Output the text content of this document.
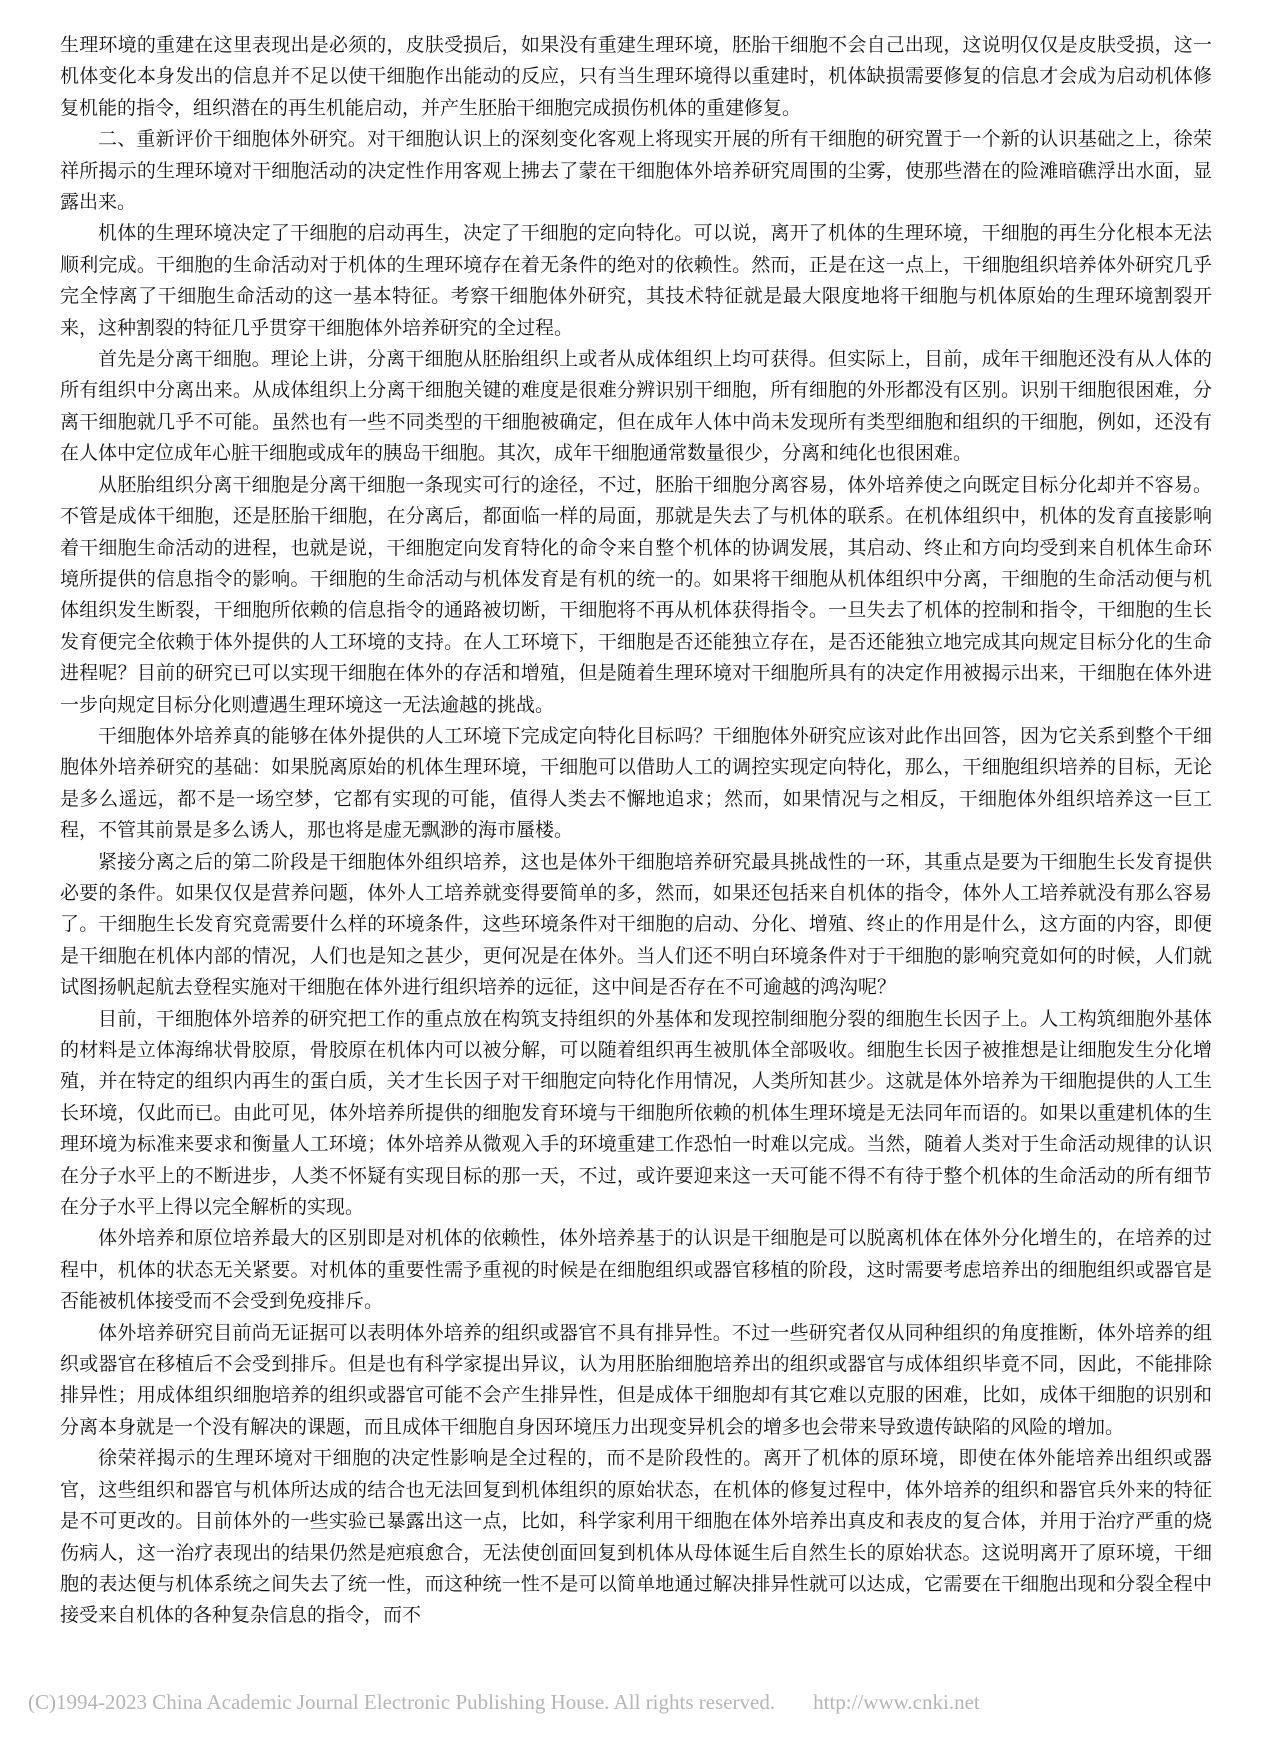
生理环境的重建在这里表现出是必须的，皮肤受损后，如果没有重建生理环境，胚胎干细胞不会自己出现，这说明仅仅是皮肤受损，这一机体变化本身发出的信息并不足以使干细胞作出能动的反应，只有当生理环境得以重建时，机体缺损需要修复的信息才会成为启动机体修复机能的指令，组织潜在的再生机能启动，并产生胚胎干细胞完成损伤机体的重建修复。

二、重新评价干细胞体外研究。对干细胞认识上的深刻变化客观上将现实开展的所有干细胞的研究置于一个新的认识基础之上，徐荣祥所揭示的生理环境对干细胞活动的决定性作用客观上拂去了蒙在干细胞体外培养研究周围的尘雾，使那些潜在的险滩暗礁浮出水面，显露出来。

机体的生理环境决定了干细胞的启动再生，决定了干细胞的定向特化。可以说，离开了机体的生理环境，干细胞的再生分化根本无法顺利完成。干细胞的生命活动对于机体的生理环境存在着无条件的绝对的依赖性。然而，正是在这一点上，干细胞组织培养体外研究几乎完全悖离了干细胞生命活动的这一基本特征。考察干细胞体外研究，其技术特征就是最大限度地将干细胞与机体原始的生理环境割裂开来，这种割裂的特征几乎贯穿干细胞体外培养研究的全过程。

首先是分离干细胞。理论上讲，分离干细胞从胚胎组织上或者从成体组织上均可获得。但实际上，目前，成年干细胞还没有从人体的所有组织中分离出来。从成体组织上分离干细胞关键的难度是很难分辨识别干细胞，所有细胞的外形都没有区别。识别干细胞很困难，分离干细胞就几乎不可能。虽然也有一些不同类型的干细胞被确定，但在成年人体中尚未发现所有类型细胞和组织的干细胞，例如，还没有在人体中定位成年心脏干细胞或成年的胰岛干细胞。其次，成年干细胞通常数量很少，分离和纯化也很困难。

从胚胎组织分离干细胞是分离干细胞一条现实可行的途径，不过，胚胎干细胞分离容易，体外培养使之向既定目标分化却并不容易。不管是成体干细胞，还是胚胎干细胞，在分离后，都面临一样的局面，那就是失去了与机体的联系。在机体组织中，机体的发育直接影响着干细胞生命活动的进程，也就是说，干细胞定向发育特化的命令来自整个机体的协调发展，其启动、终止和方向均受到来自机体生命环境所提供的信息指令的影响。干细胞的生命活动与机体发育是有机的统一的。如果将干细胞从机体组织中分离，干细胞的生命活动便与机体组织发生断裂，干细胞所依赖的信息指令的通路被切断，干细胞将不再从机体获得指令。一旦失去了机体的控制和指令，干细胞的生长发育便完全依赖于体外提供的人工环境的支持。在人工环境下，干细胞是否还能独立存在，是否还能独立地完成其向规定目标分化的生命进程呢？目前的研究已可以实现干细胞在体外的存活和增殖，但是随着生理环境对干细胞所具有的决定作用被揭示出来，干细胞在体外进一步向规定目标分化则遭遇生理环境这一无法逾越的挑战。

干细胞体外培养真的能够在体外提供的人工环境下完成定向特化目标吗？干细胞体外研究应该对此作出回答，因为它关系到整个干细胞体外培养研究的基础：如果脱离原始的机体生理环境，干细胞可以借助人工的调控实现定向特化，那么，干细胞组织培养的目标，无论是多么遥远，都不是一场空梦，它都有实现的可能，值得人类去不懈地追求；然而，如果情况与之相反，干细胞体外组织培养这一巨工程，不管其前景是多么诱人，那也将是虚无飘渺的海市蜃楼。

紧接分离之后的第二阶段是干细胞体外组织培养，这也是体外干细胞培养研究最具挑战性的一环，其重点是要为干细胞生长发育提供必要的条件。如果仅仅是营养问题，体外人工培养就变得要简单的多，然而，如果还包括来自机体的指令，体外人工培养就没有那么容易了。干细胞生长发育究竟需要什么样的环境条件，这些环境条件对干细胞的启动、分化、增殖、终止的作用是什么，这方面的内容，即便是干细胞在机体内部的情况，人们也是知之甚少，更何况是在体外。当人们还不明白环境条件对于干细胞的影响究竟如何的时候，人们就试图扬帆起航去登程实施对干细胞在体外进行组织培养的远征，这中间是否存在不可逾越的鸿沟呢？

目前，干细胞体外培养的研究把工作的重点放在构筑支持组织的外基体和发现控制细胞分裂的细胞生长因子上。人工构筑细胞外基体的材料是立体海绵状骨胶原，骨胶原在机体内可以被分解，可以随着组织再生被肌体全部吸收。细胞生长因子被推想是让细胞发生分化增殖，并在特定的组织内再生的蛋白质，关才生长因子对干细胞定向特化作用情况，人类所知甚少。这就是体外培养为干细胞提供的人工生长环境，仅此而已。由此可见，体外培养所提供的细胞发育环境与干细胞所依赖的机体生理环境是无法同年而语的。如果以重建机体的生理环境为标准来要求和衡量人工环境；体外培养从微观入手的环境重建工作恐怕一时难以完成。当然，随着人类对于生命活动规律的认识在分子水平上的不断进步，人类不怀疑有实现目标的那一天，不过，或许要迎来这一天可能不得不有待于整个机体的生命活动的所有细节在分子水平上得以完全解析的实现。

体外培养和原位培养最大的区别即是对机体的依赖性，体外培养基于的认识是干细胞是可以脱离机体在体外分化增生的，在培养的过程中，机体的状态无关紧要。对机体的重要性需予重视的时候是在细胞组织或器官移植的阶段，这时需要考虑培养出的细胞组织或器官是否能被机体接受而不会受到免疫排斥。

体外培养研究目前尚无证据可以表明体外培养的组织或器官不具有排异性。不过一些研究者仅从同种组织的角度推断，体外培养的组织或器官在移植后不会受到排斥。但是也有科学家提出异议，认为用胚胎细胞培养出的组织或器官与成体组织毕竟不同，因此，不能排除排异性；用成体组织细胞培养的组织或器官可能不会产生排异性，但是成体干细胞却有其它难以克服的困难，比如，成体干细胞的识别和分离本身就是一个没有解决的课题，而且成体干细胞自身因环境压力出现变异机会的增多也会带来导致遗传缺陷的风险的增加。

徐荣祥揭示的生理环境对干细胞的决定性影响是全过程的，而不是阶段性的。离开了机体的原环境，即使在体外能培养出组织或器官，这些组织和器官与机体所达成的结合也无法回复到机体组织的原始状态，在机体的修复过程中，体外培养的组织和器官兵外来的特征是不可更改的。目前体外的一些实验已暴露出这一点，比如，科学家利用干细胞在体外培养出真皮和表皮的复合体，并用于治疗严重的烧伤病人，这一治疗表现出的结果仍然是疤痕愈合，无法使创面回复到机体从母体诞生后自然生长的原始状态。这说明离开了原环境，干细胞的表达便与机体系统之间失去了统一性，而这种统一性不是可以简单地通过解决排异性就可以达成，它需要在干细胞出现和分裂全程中接受来自机体的各种复杂信息的指令，而不

(C)1994-2023 China Academic Journal Electronic Publishing House. All rights reserved. http://www.cnki.net
